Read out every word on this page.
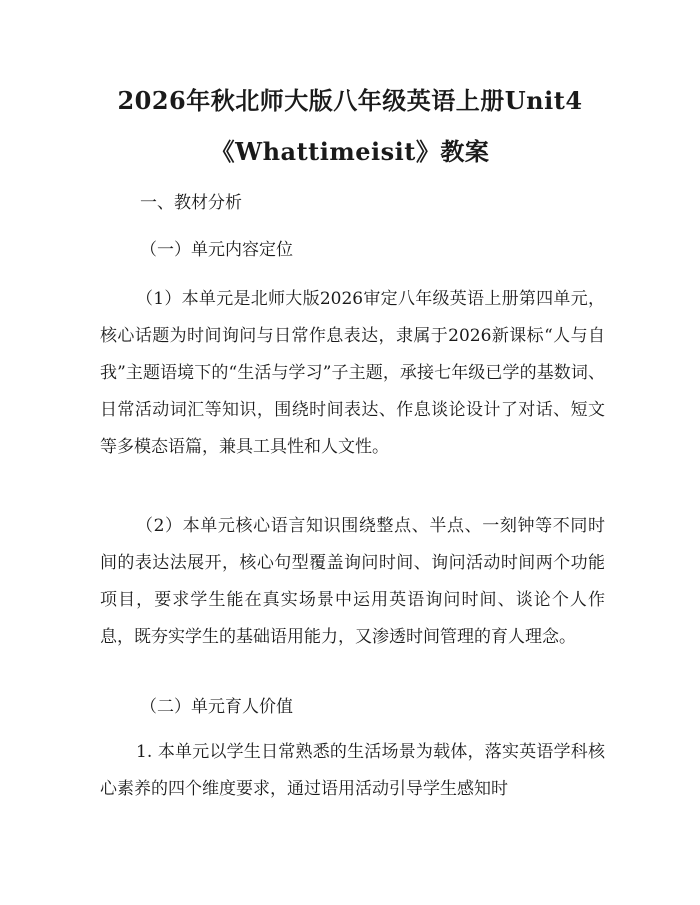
2026年秋北师大版八年级英语上册Unit4
《Whattimeisit》教案
一、教材分析
（一）单元内容定位
（1）本单元是北师大版2026审定八年级英语上册第四单元，核心话题为时间询问与日常作息表达，隶属于2026新课标“人与自我”主题语境下的“生活与学习”子主题，承接七年级已学的基数词、日常活动词汇等知识，围绕时间表达、作息谈论设计了对话、短文等多模态语篇，兼具工具性和人文性。
（2）本单元核心语言知识围绕整点、半点、一刻钟等不同时间的表达法展开，核心句型覆盖询问时间、询问活动时间两个功能项目，要求学生能在真实场景中运用英语询问时间、谈论个人作息，既夯实学生的基础语用能力，又渗透时间管理的育人理念。
（二）单元育人价值
1. 本单元以学生日常熟悉的生活场景为载体，落实英语学科核心素养的四个维度要求，通过语用活动引导学生感知时
